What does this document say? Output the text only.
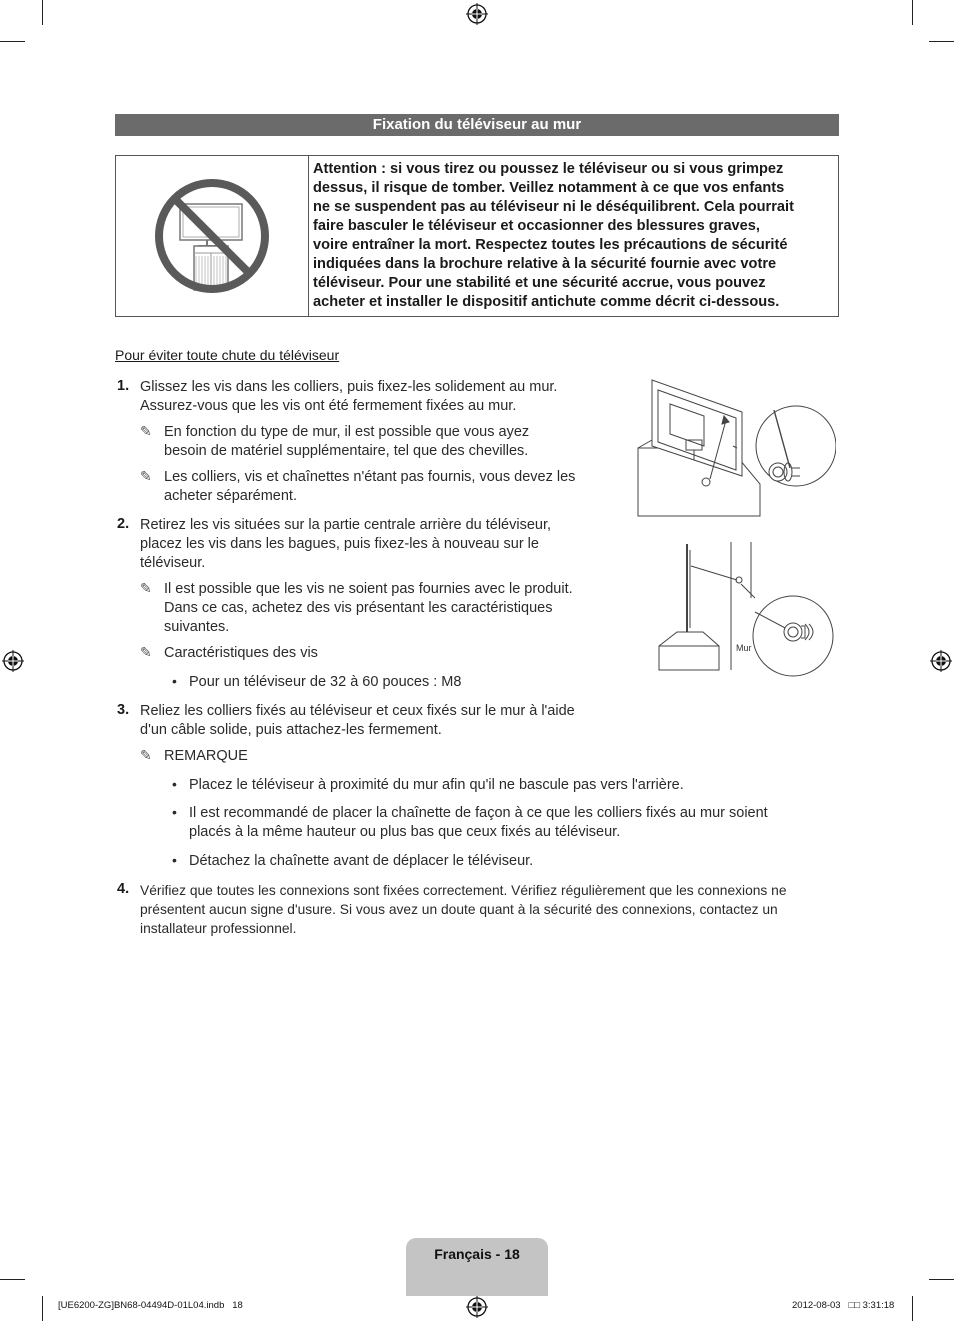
Fixation du téléviseur au mur
Attention : si vous tirez ou poussez le téléviseur ou si vous grimpez
dessus, il risque de tomber. Veillez notamment à ce que vos enfants
ne se suspendent pas au téléviseur ni le déséquilibrent. Cela pourrait
faire basculer le téléviseur et occasionner des blessures graves,
voire entraîner la mort. Respectez toutes les précautions de sécurité
indiquées dans la brochure relative à la sécurité fournie avec votre
téléviseur. Pour une stabilité et une sécurité accrue, vous pouvez
acheter et installer le dispositif antichute comme décrit ci-dessous.
Pour éviter toute chute du téléviseur
1. Glissez les vis dans les colliers, puis fixez-les solidement au mur.
Assurez-vous que les vis ont été fermement fixées au mur.
✎ En fonction du type de mur, il est possible que vous ayez
besoin de matériel supplémentaire, tel que des chevilles.
✎ Les colliers, vis et chaînettes n'étant pas fournis, vous devez les
acheter séparément.
2. Retirez les vis situées sur la partie centrale arrière du téléviseur,
placez les vis dans les bagues, puis fixez-les à nouveau sur le
téléviseur.
✎ Il est possible que les vis ne soient pas fournies avec le produit.
Dans ce cas, achetez des vis présentant les caractéristiques
suivantes.
✎ Caractéristiques des vis
• Pour un téléviseur de 32 à 60 pouces : M8
3. Reliez les colliers fixés au téléviseur et ceux fixés sur le mur à l'aide
d'un câble solide, puis attachez-les fermement.
✎ REMARQUE
• Placez le téléviseur à proximité du mur afin qu'il ne bascule pas vers l'arrière.
• Il est recommandé de placer la chaînette de façon à ce que les colliers fixés au mur soient
placés à la même hauteur ou plus bas que ceux fixés au téléviseur.
• Détachez la chaînette avant de déplacer le téléviseur.
4. Vérifiez que toutes les connexions sont fixées correctement. Vérifiez régulièrement que les connexions ne
présentent aucun signe d'usure. Si vous avez un doute quant à la sécurité des connexions, contactez un
installateur professionnel.
Mur
Français - 18
[UE6200-ZG]BN68-04494D-01L04.indb   18	2012-08-03   □□ 3:31:18
